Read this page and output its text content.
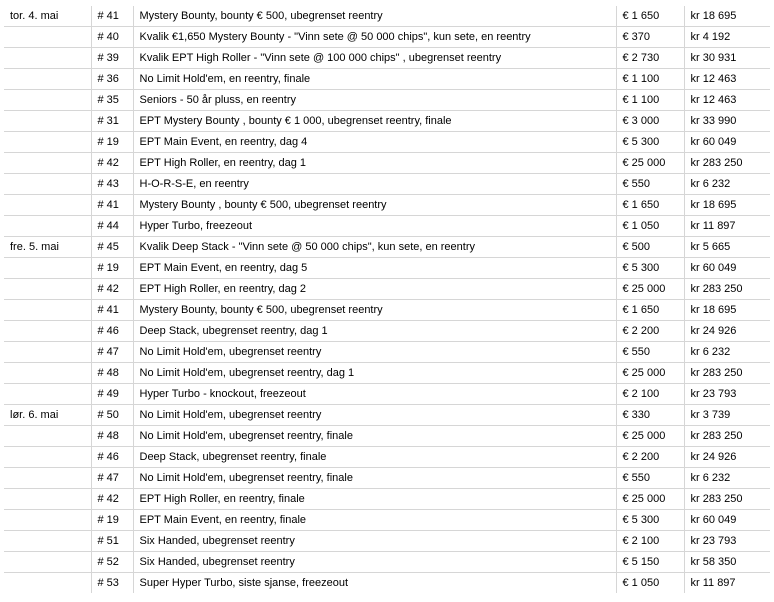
tor. 4. mai	# 41	Mystery Bounty, bounty € 500, ubegrenset reentry	€ 1 650	kr 18 695
	# 40	Kvalik €1,650 Mystery Bounty - "Vinn sete @ 50 000 chips", kun sete, en reentry	€ 370	kr 4 192
	# 39	Kvalik EPT High Roller - "Vinn sete @ 100 000 chips" , ubegrenset reentry	€ 2 730	kr 30 931
	# 36	No Limit Hold'em, en reentry, finale	€ 1 100	kr 12 463
	# 35	Seniors - 50 år pluss, en reentry	€ 1 100	kr 12 463
	# 31	EPT Mystery Bounty , bounty € 1 000, ubegrenset reentry, finale	€ 3 000	kr 33 990
	# 19	EPT Main Event, en reentry, dag 4	€ 5 300	kr 60 049
	# 42	EPT High Roller, en reentry, dag 1	€ 25 000	kr 283 250
	# 43	H-O-R-S-E, en reentry	€ 550	kr 6 232
	# 41	Mystery Bounty , bounty € 500, ubegrenset reentry	€ 1 650	kr 18 695
	# 44	Hyper Turbo, freezeout	€ 1 050	kr 11 897
fre. 5. mai	# 45	Kvalik Deep Stack - "Vinn sete @ 50 000 chips", kun sete, en reentry	€ 500	kr 5 665
	# 19	EPT Main Event, en reentry, dag 5	€ 5 300	kr 60 049
	# 42	EPT High Roller, en reentry, dag 2	€ 25 000	kr 283 250
	# 41	Mystery Bounty, bounty € 500, ubegrenset reentry	€ 1 650	kr 18 695
	# 46	Deep Stack, ubegrenset reentry, dag 1	€ 2 200	kr 24 926
	# 47	No Limit Hold'em, ubegrenset reentry	€ 550	kr 6 232
	# 48	No Limit Hold'em, ubegrenset reentry, dag 1	€ 25 000	kr 283 250
	# 49	Hyper Turbo - knockout, freezeout	€ 2 100	kr 23 793
lør. 6. mai	# 50	No Limit Hold'em, ubegrenset reentry	€ 330	kr 3 739
	# 48	No Limit Hold'em, ubegrenset reentry, finale	€ 25 000	kr 283 250
	# 46	Deep Stack, ubegrenset reentry, finale	€ 2 200	kr 24 926
	# 47	No Limit Hold'em, ubegrenset reentry, finale	€ 550	kr 6 232
	# 42	EPT High Roller, en reentry, finale	€ 25 000	kr 283 250
	# 19	EPT Main Event, en reentry, finale	€ 5 300	kr 60 049
	# 51	Six Handed, ubegrenset reentry	€ 2 100	kr 23 793
	# 52	Six Handed, ubegrenset reentry	€ 5 150	kr 58 350
	# 53	Super Hyper Turbo, siste sjanse, freezeout	€ 1 050	kr 11 897
